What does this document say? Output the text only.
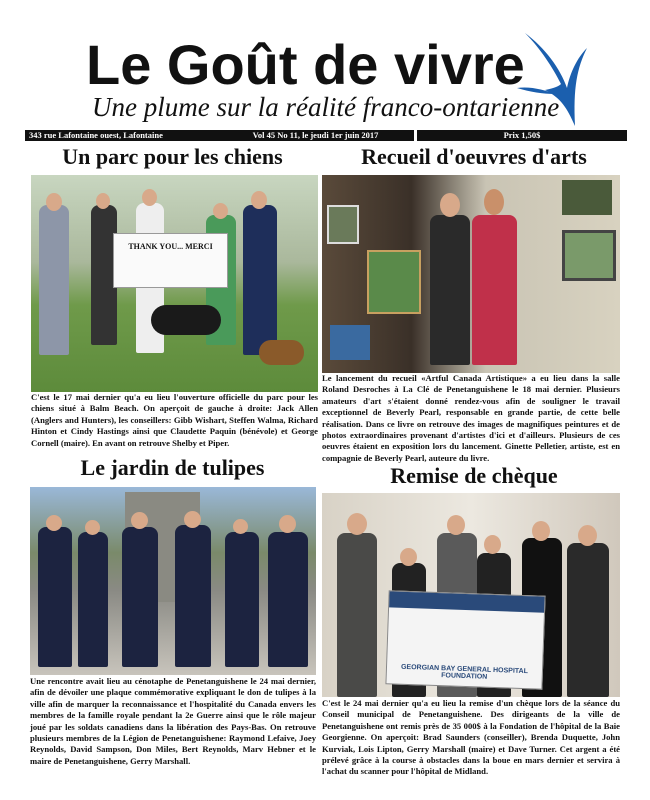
Le Goût de vivre
Une plume sur la réalité franco-ontarienne
343 rue Lafontaine ouest, Lafontaine	Vol 45 No 11, le jeudi 1er juin 2017	Prix 1,50$
Un parc pour les chiens
THANK YOU... MERCI
C'est le 17 mai dernier qu'a eu lieu l'ouverture officielle du parc pour les chiens situé à Balm Beach. On aperçoit de gauche à droite: Jack Allen (Anglers and Hunters), les conseillers: Gibb Wishart, Steffen Walma, Richard Hinton et Cindy Hastings ainsi que Claudette Paquin (bénévole) et George Cornell (maire). En avant on retrouve Shelby et Piper.
Recueil d'oeuvres d'arts
Le lancement du recueil «Artful Canada Artistique» a eu lieu dans la salle Roland Desroches à La Clé de Penetanguishene le 18 mai dernier. Plusieurs amateurs d'art s'étaient donné rendez-vous afin de souligner le travail exceptionnel de Beverly Pearl, responsable en grande partie, de cette belle réalisation. Dans ce livre on retrouve des images de magnifiques peintures et de photos extraordinaires provenant d'artistes d'ici et d'ailleurs. Plusieurs de ces oeuvres étaient en exposition lors du lancement. Ginette Pelletier, artiste, est en compagnie de Beverly Pearl, auteure du livre.
Le jardin de tulipes
Une rencontre avait lieu au cénotaphe de Penetanguishene le 24 mai dernier, afin de dévoiler une plaque commémorative expliquant le don de tulipes à la ville afin de marquer la reconnaissance et l'hospitalité du Canada envers les membres de la famille royale pendant la 2e Guerre ainsi que le rôle majeur joué par les soldats canadiens dans la libération des Pays-Bas. On retrouve plusieurs membres de la Légion de Penetanguishene: Raymond Lefaive, Joey Reynolds, David Sampson, Don Miles, Bert Reynolds, Marv Hebner et le maire de Penetanguishene, Gerry Marshall.
Remise de chèque
GEORGIAN BAY GENERAL HOSPITAL FOUNDATION
C'est le 24 mai dernier qu'a eu lieu la remise d'un chèque lors de la séance du Conseil municipal de Penetanguishene. Des dirigeants de la ville de Penetanguishene ont remis près de 35 000$ à la Fondation de l'hôpital de la Baie Georgienne. On aperçoit: Brad Saunders (conseiller), Brenda Duquette, John Kurviak, Lois Lipton, Gerry Marshall (maire) et Dave Turner. Cet argent a été prélevé grâce à la course à obstacles dans la boue en mars dernier et servira à l'achat du scanner pour l'hôpital de Midland.
